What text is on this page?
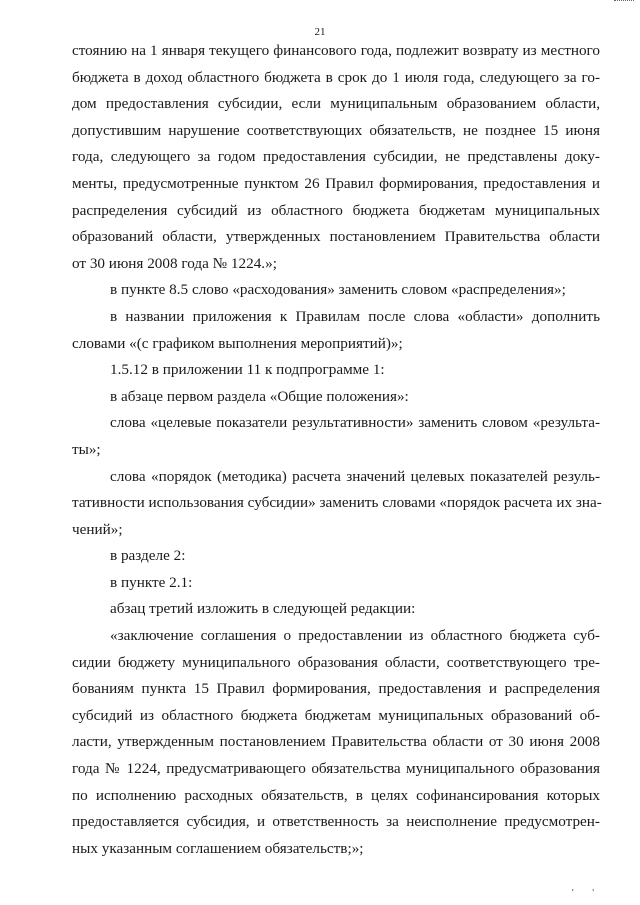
21
стоянию на 1 января текущего финансового года, подлежит возврату из местного
бюджета в доход областного бюджета в срок до 1 июля года, следующего за го-
дом предоставления субсидии, если муниципальным образованием области,
допустившим нарушение соответствующих обязательств, не позднее 15 июня
года, следующего за годом предоставления субсидии, не представлены доку-
менты, предусмотренные пунктом 26 Правил формирования, предоставления и
распределения субсидий из областного бюджета бюджетам муниципальных
образований области, утвержденных постановлением Правительства области
от 30 июня 2008 года № 1224.»;
в пункте 8.5 слово «расходования» заменить словом «распределения»;
в названии приложения к Правилам после слова «области» дополнить
словами «(с графиком выполнения мероприятий)»;
1.5.12 в приложении 11 к подпрограмме 1:
в абзаце первом раздела «Общие положения»:
слова «целевые показатели результативности» заменить словом «результа-
ты»;
слова «порядок (методика) расчета значений целевых показателей резуль-
тативности использования субсидии» заменить словами «порядок расчета их зна-
чений»;
в разделе 2:
в пункте 2.1:
абзац третий изложить в следующей редакции:
«заключение соглашения о предоставлении из областного бюджета суб-
сидии бюджету муниципального образования области, соответствующего тре-
бованиям пункта 15 Правил формирования, предоставления и распределения
субсидий из областного бюджета бюджетам муниципальных образований об-
ласти, утвержденным постановлением Правительства области от 30 июня 2008
года № 1224, предусматривающего обязательства муниципального образования
по исполнению расходных обязательств, в целях софинансирования которых
предоставляется субсидия, и ответственность за неисполнение предусмотрен-
ных указанным соглашением обязательств;»;
' '
